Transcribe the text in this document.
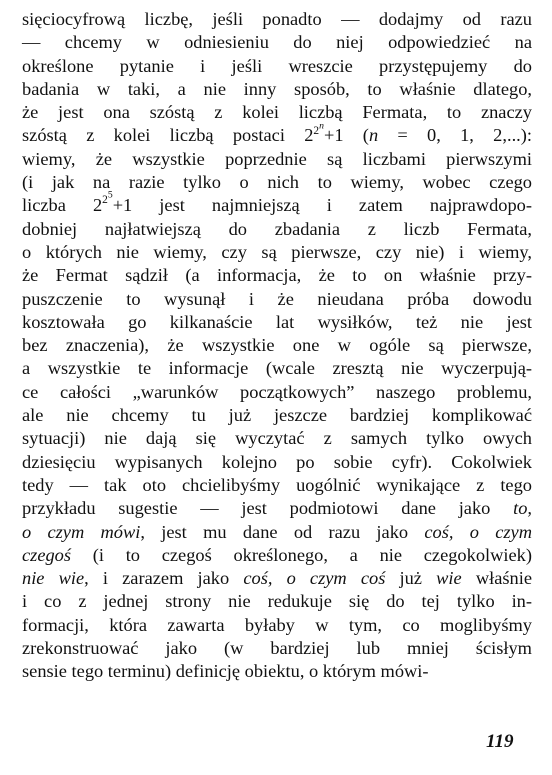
sięciocyfrową liczbę, jeśli ponadto — dodajmy od razu
— chcemy w odniesieniu do niej odpowiedzieć na
określone pytanie i jeśli wreszcie przystępujemy do
badania w taki, a nie inny sposób, to właśnie dlatego,
że jest ona szóstą z kolei liczbą Fermata, to znaczy
szóstą z kolei liczbą postaci $2^{2^n}+1$ (n = 0, 1, 2,...):
wiemy, że wszystkie poprzednie są liczbami pierwszymi
(i jak na razie tylko o nich to wiemy, wobec czego
liczba $2^{2^5}+1$ jest najmniejszą i zatem najprawdopo-
dobniej najłatwiejszą do zbadania z liczb Fermata,
o których nie wiemy, czy są pierwsze, czy nie) i wiemy,
że Fermat sądził (a informacja, że to on właśnie przy-
puszczenie to wysunął i że nieudana próba dowodu
kosztowała go kilkanaście lat wysiłków, też nie jest
bez znaczenia), że wszystkie one w ogóle są pierwsze,
a wszystkie te informacje (wcale zresztą nie wyczerpują-
ce całości „warunków początkowych” naszego problemu,
ale nie chcemy tu już jeszcze bardziej komplikować
sytuacji) nie dają się wyczytać z samych tylko owych
dziesięciu wypisanych kolejno po sobie cyfr). Cokolwiek
tedy — tak oto chcielibyśmy uogólnić wynikające z tego
przykładu sugestie — jest podmiotowi dane jako to,
o czym mówi, jest mu dane od razu jako coś, o czym
czegoś (i to czegoś określonego, a nie czegokolwiek)
nie wie, i zarazem jako coś, o czym coś już wie właśnie
i co z jednej strony nie redukuje się do tej tylko in-
formacji, która zawarta byłaby w tym, co moglibyśmy
zrekonstruować jako (w bardziej lub mniej ścisłym
sensie tego terminu) definicję obiektu, o którym mówi-
119
